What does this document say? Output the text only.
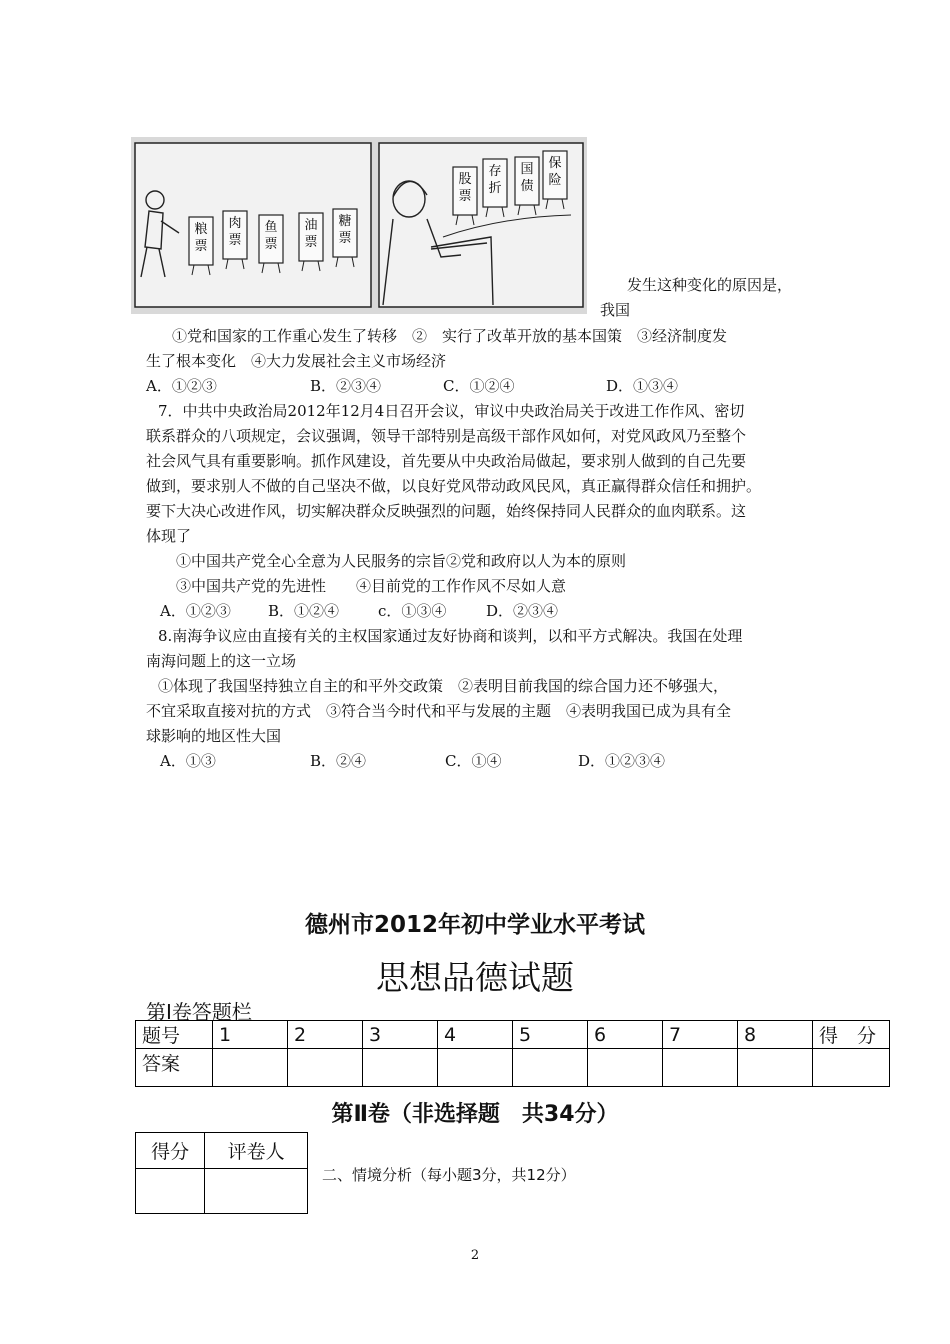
粮票
肉票
鱼票
油票
糖票
股票
存折
国债
保险
发生这种变化的原因是，
我国
①党和国家的工作重心发生了转移　②　实行了改革开放的基本国策　③经济制度发
生了根本变化　④大力发展社会主义市场经济
A．①②③	B．②③④	C．①②④	D．①③④
7．中共中央政治局2012年12月4日召开会议，审议中央政治局关于改进工作作风、密切
联系群众的八项规定，会议强调，领导干部特别是高级干部作风如何，对党风政风乃至整个
社会风气具有重要影响。抓作风建设，首先要从中央政治局做起，要求别人做到的自己先要
做到，要求别人不做的自己坚决不做，以良好党风带动政风民风，真正赢得群众信任和拥护。
要下大决心改进作风，切实解决群众反映强烈的问题，始终保持同人民群众的血肉联系。这
体现了
①中国共产党全心全意为人民服务的宗旨②党和政府以人为本的原则
③中国共产党的先进性　　④目前党的工作作风不尽如人意
A．①②③ B．①②④	c．①③④	D．②③④
8.南海争议应由直接有关的主权国家通过友好协商和谈判，以和平方式解决。我国在处理
南海问题上的这一立场
①体现了我国坚持独立自主的和平外交政策　②表明目前我国的综合国力还不够强大，
不宜采取直接对抗的方式　③符合当今时代和平与发展的主题　④表明我国已成为具有全
球影响的地区性大国
A．①③	B．②④	C．①④	D．①②③④
德州市2012年初中学业水平考试
思想品德试题
第Ⅰ卷答题栏
题号	1	2	3	4	5	6	7	8	得　分
答案									
第Ⅱ卷（非选择题　共34分）
得分	评卷人

二、情境分析（每小题3分，共12分）
2
